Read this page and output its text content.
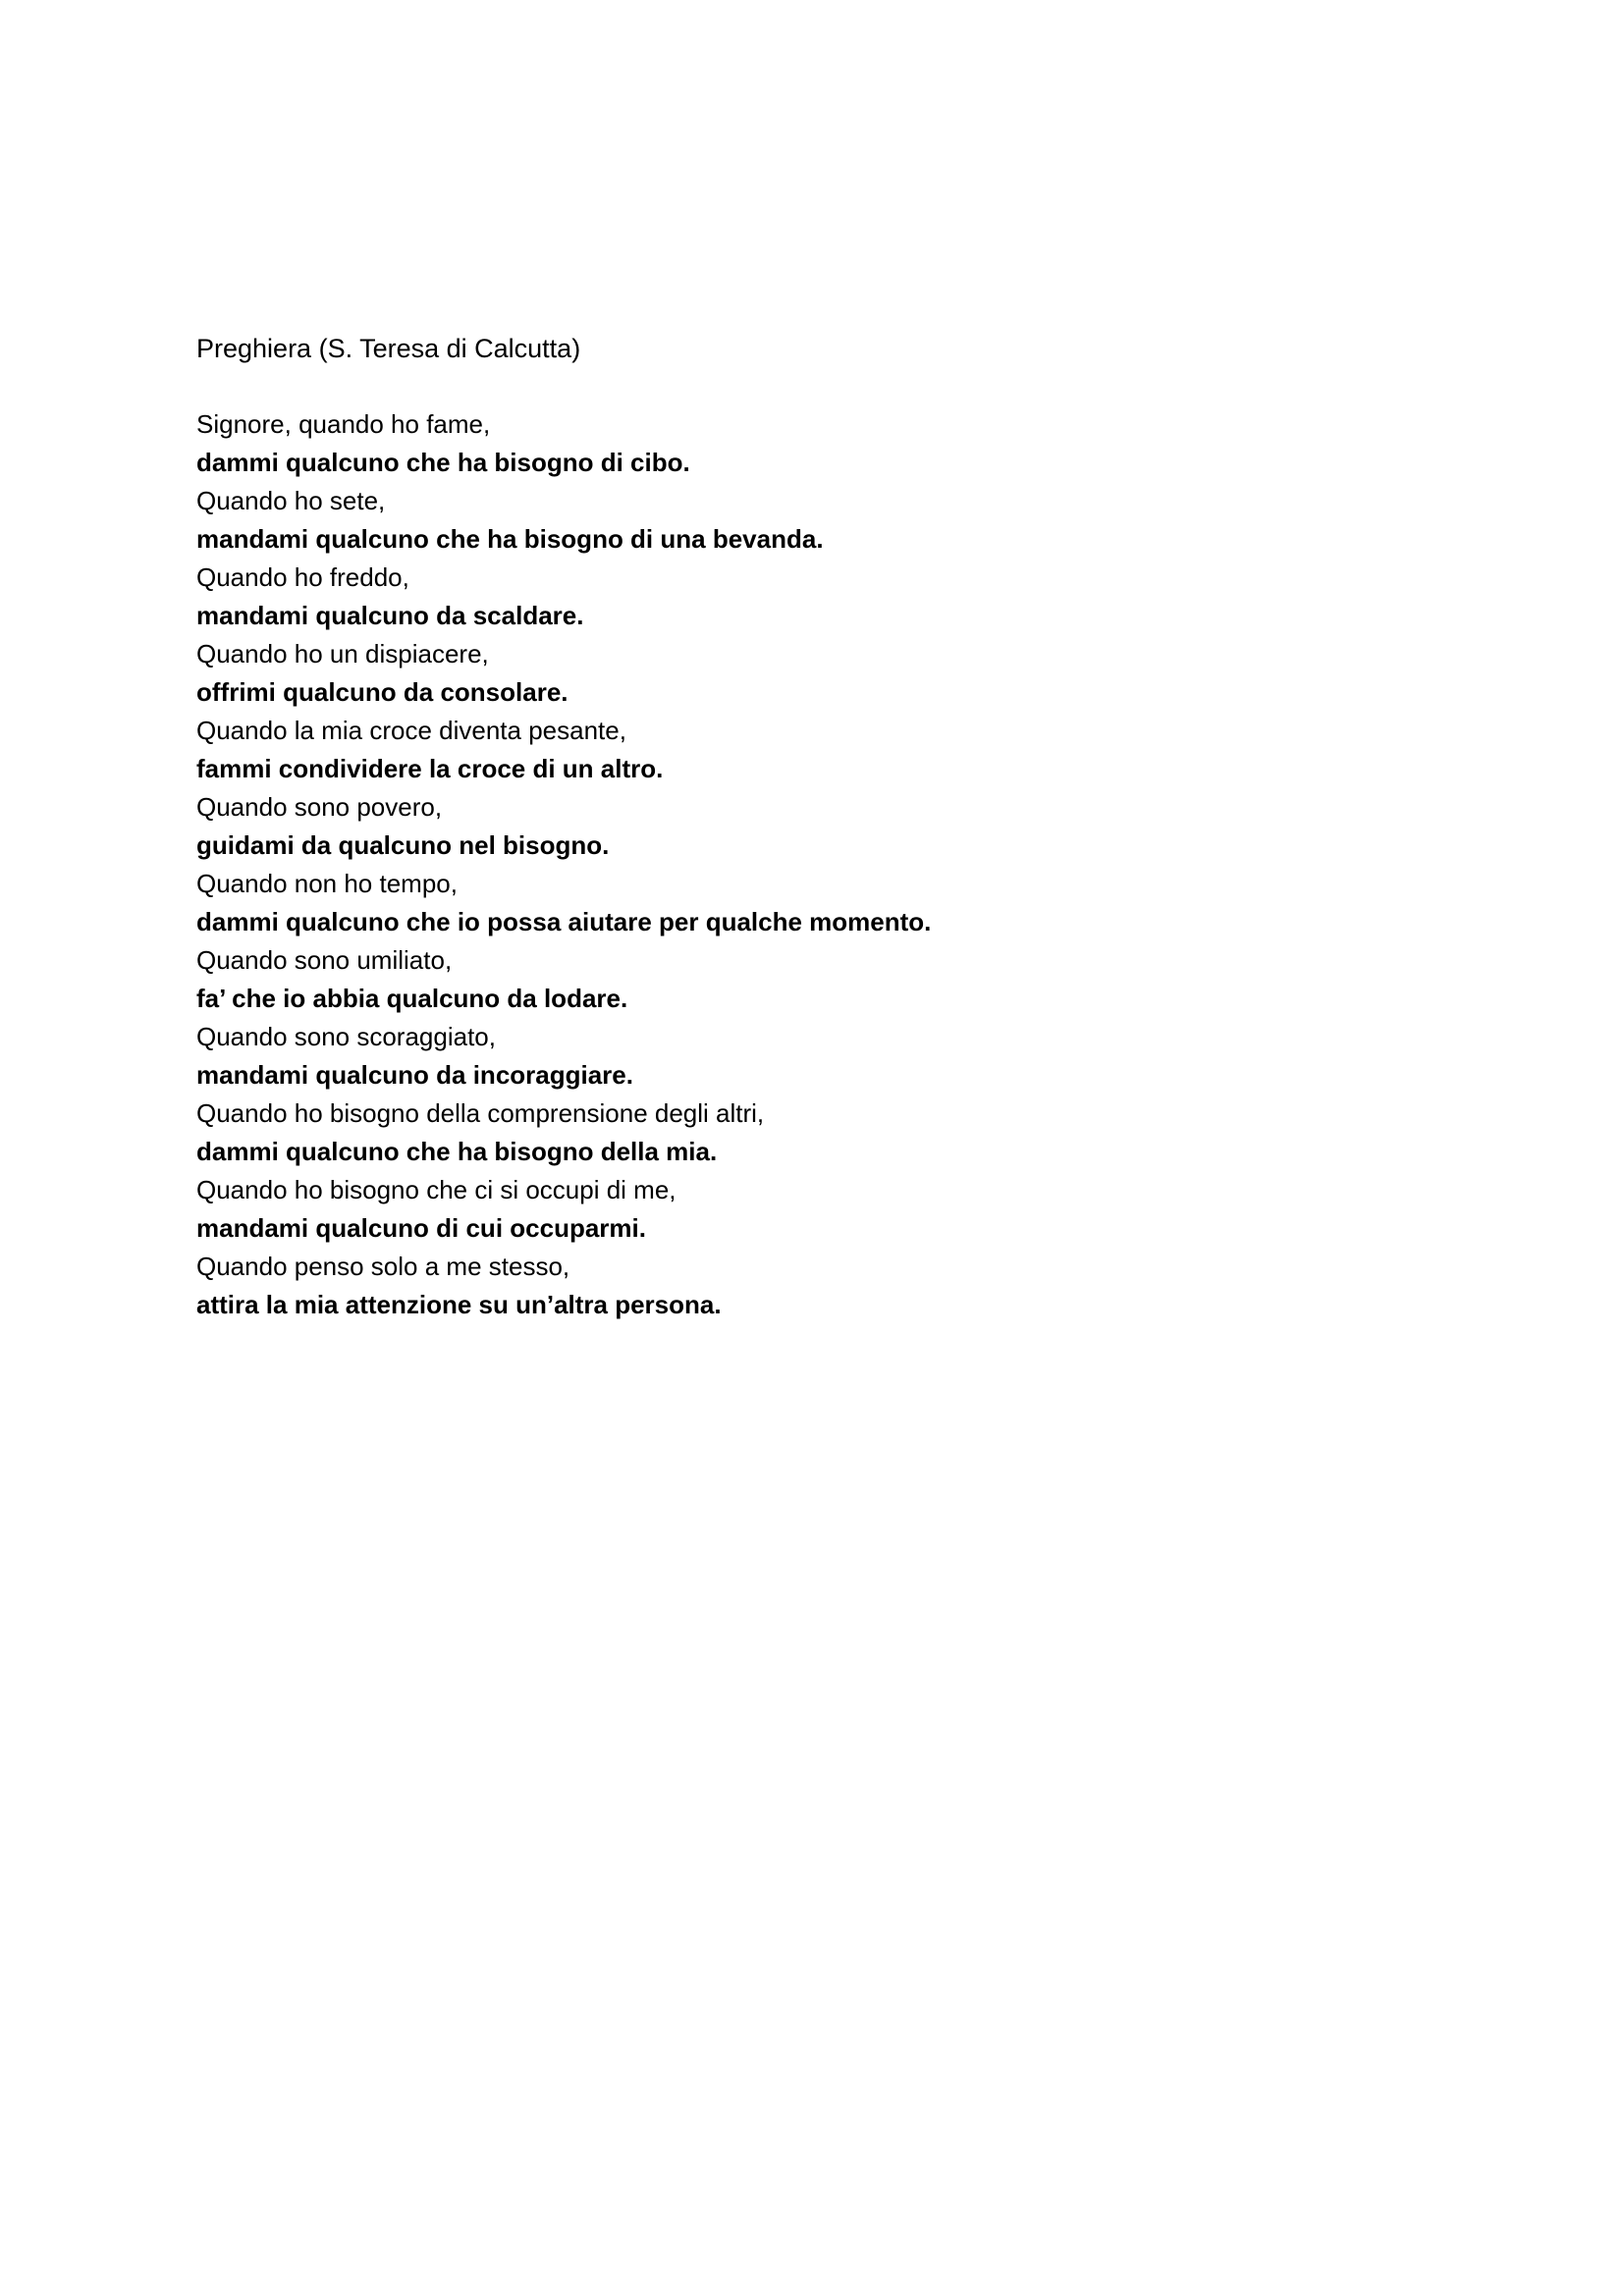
Preghiera (S. Teresa di Calcutta)
Signore, quando ho fame,
dammi qualcuno che ha bisogno di cibo.
Quando ho sete,
mandami qualcuno che ha bisogno di una bevanda.
Quando ho freddo,
mandami qualcuno da scaldare.
Quando ho un dispiacere,
offrimi qualcuno da consolare.
Quando la mia croce diventa pesante,
fammi condividere la croce di un altro.
Quando sono povero,
guidami da qualcuno nel bisogno.
Quando non ho tempo,
dammi qualcuno che io possa aiutare per qualche momento.
Quando sono umiliato,
fa’ che io abbia qualcuno da lodare.
Quando sono scoraggiato,
mandami qualcuno da incoraggiare.
Quando ho bisogno della comprensione degli altri,
dammi qualcuno che ha bisogno della mia.
Quando ho bisogno che ci si occupi di me,
mandami qualcuno di cui occuparmi.
Quando penso solo a me stesso,
attira la mia attenzione su un’altra persona.
